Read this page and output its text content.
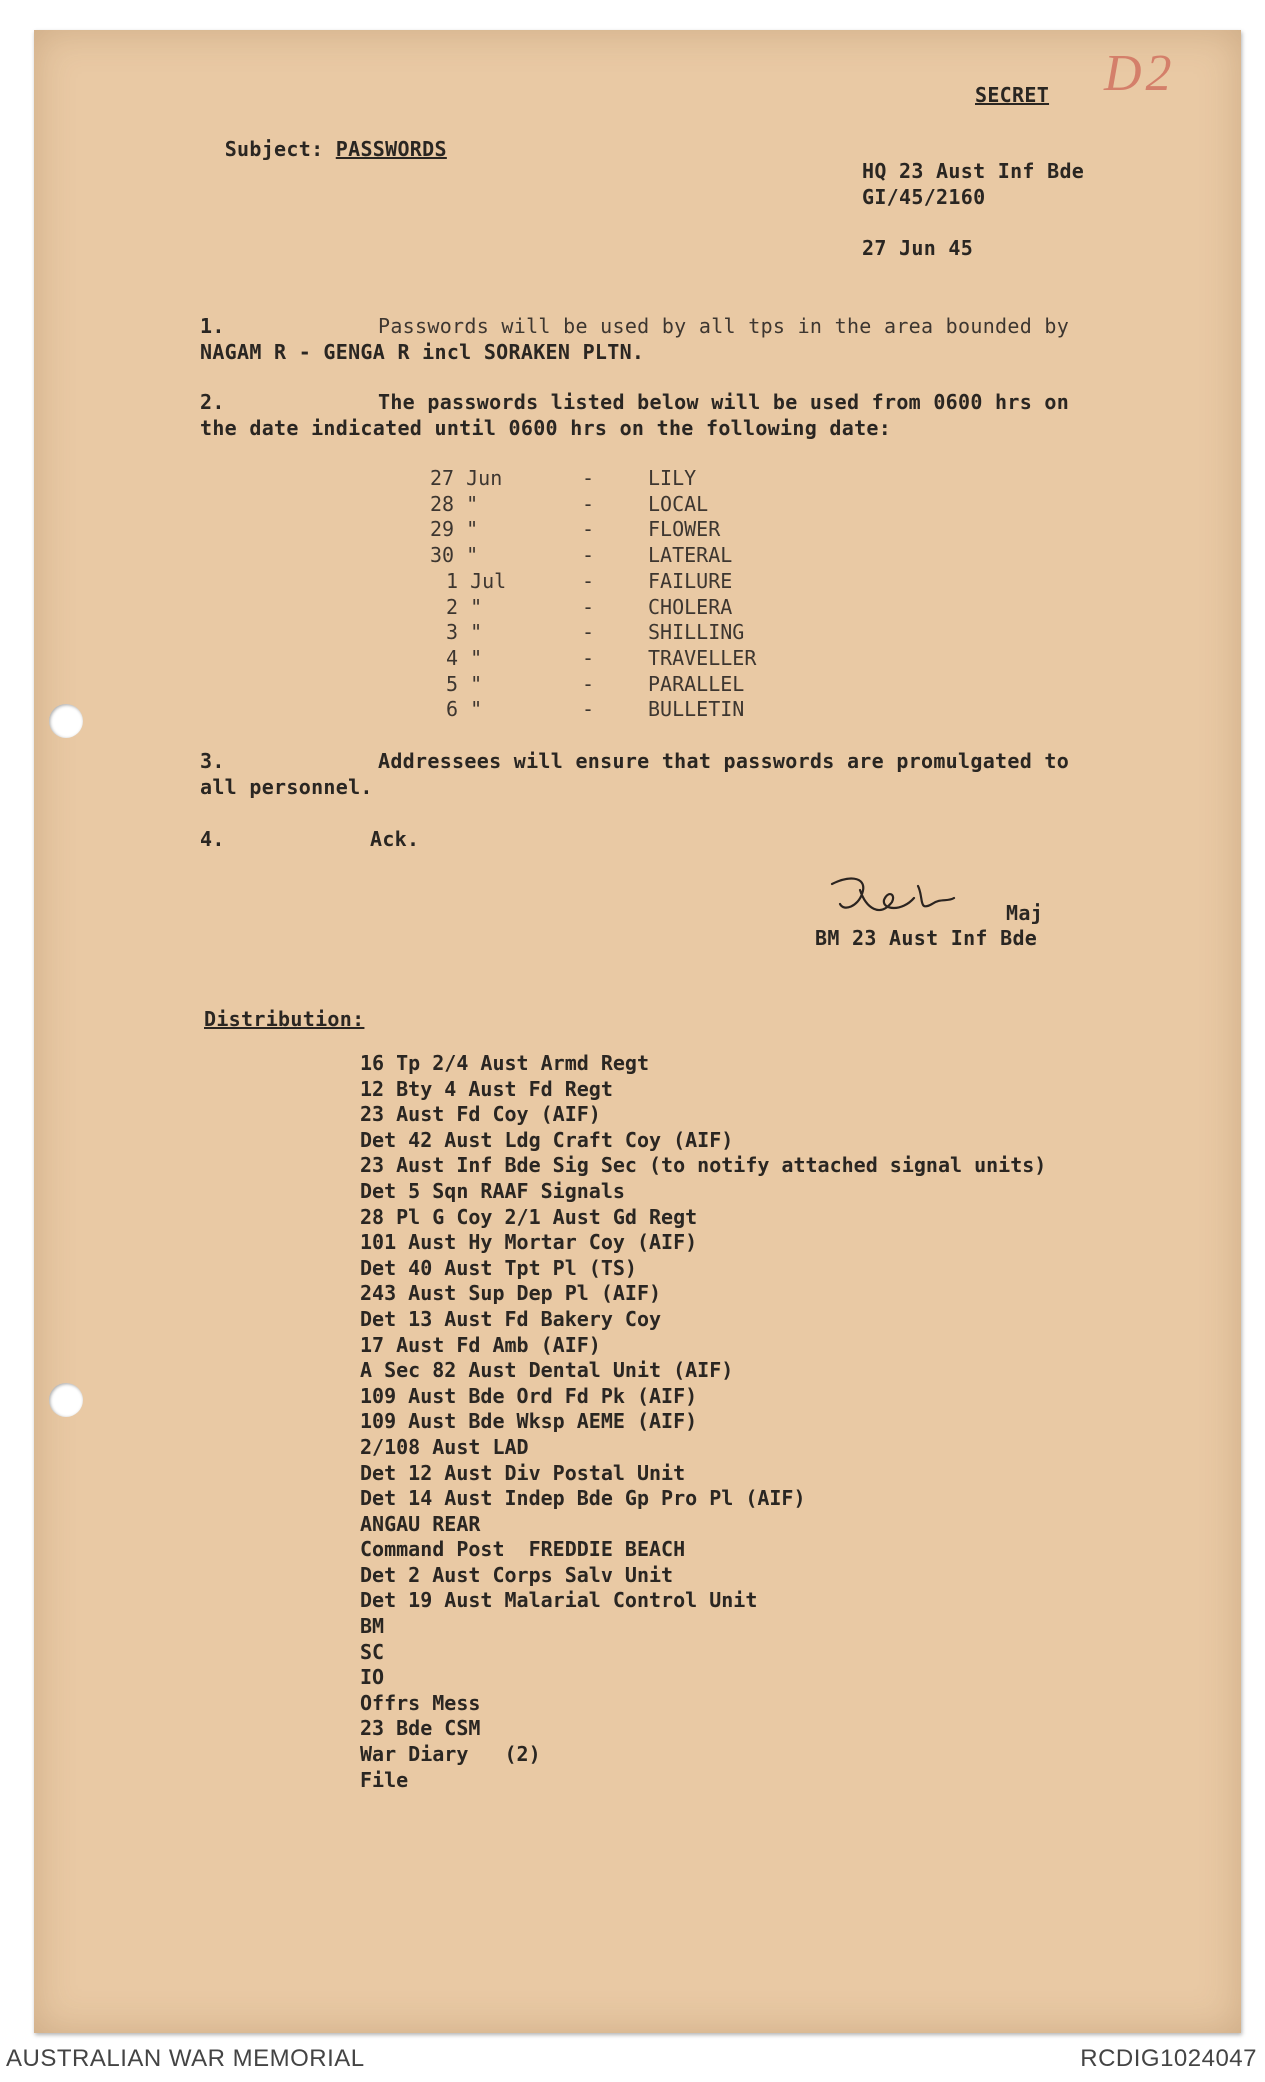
D2
SECRET

Subject: PASSWORDS

HQ 23 Aust Inf Bde
GI/45/2160
27 Jun 45
1.	Passwords will be used by all tps in the area bounded by
NAGAM R - GENGA R incl SORAKEN PLTN.
2.	The passwords listed below will be used from 0600 hrs on
the date indicated until 0600 hrs on the following date:
27 Jun	-	LILY
28 "	-	LOCAL
29 "	-	FLOWER
30 "	-	LATERAL
1 Jul	-	FAILURE
2 "	-	CHOLERA
3 "	-	SHILLING
4 "	-	TRAVELLER
5 "	-	PARALLEL
6 "	-	BULLETIN
3.	Addressees will ensure that passwords are promulgated to
all personnel.
4.	Ack.
Maj
BM 23 Aust Inf Bde
Distribution:
16 Tp 2/4 Aust Armd Regt
12 Bty 4 Aust Fd Regt
23 Aust Fd Coy (AIF)
Det 42 Aust Ldg Craft Coy (AIF)
23 Aust Inf Bde Sig Sec (to notify attached signal units)
Det 5 Sqn RAAF Signals
28 Pl G Coy 2/1 Aust Gd Regt
101 Aust Hy Mortar Coy (AIF)
Det 40 Aust Tpt Pl (TS)
243 Aust Sup Dep Pl (AIF)
Det 13 Aust Fd Bakery Coy
17 Aust Fd Amb (AIF)
A Sec 82 Aust Dental Unit (AIF)
109 Aust Bde Ord Fd Pk (AIF)
109 Aust Bde Wksp AEME (AIF)
2/108 Aust LAD
Det 12 Aust Div Postal Unit
Det 14 Aust Indep Bde Gp Pro Pl (AIF)
ANGAU REAR
Command Post  FREDDIE BEACH
Det 2 Aust Corps Salv Unit
Det 19 Aust Malarial Control Unit
BM
SC
IO
Offrs Mess
23 Bde CSM
War Diary   (2)
File
AUSTRALIAN WAR MEMORIAL	RCDIG1024047
